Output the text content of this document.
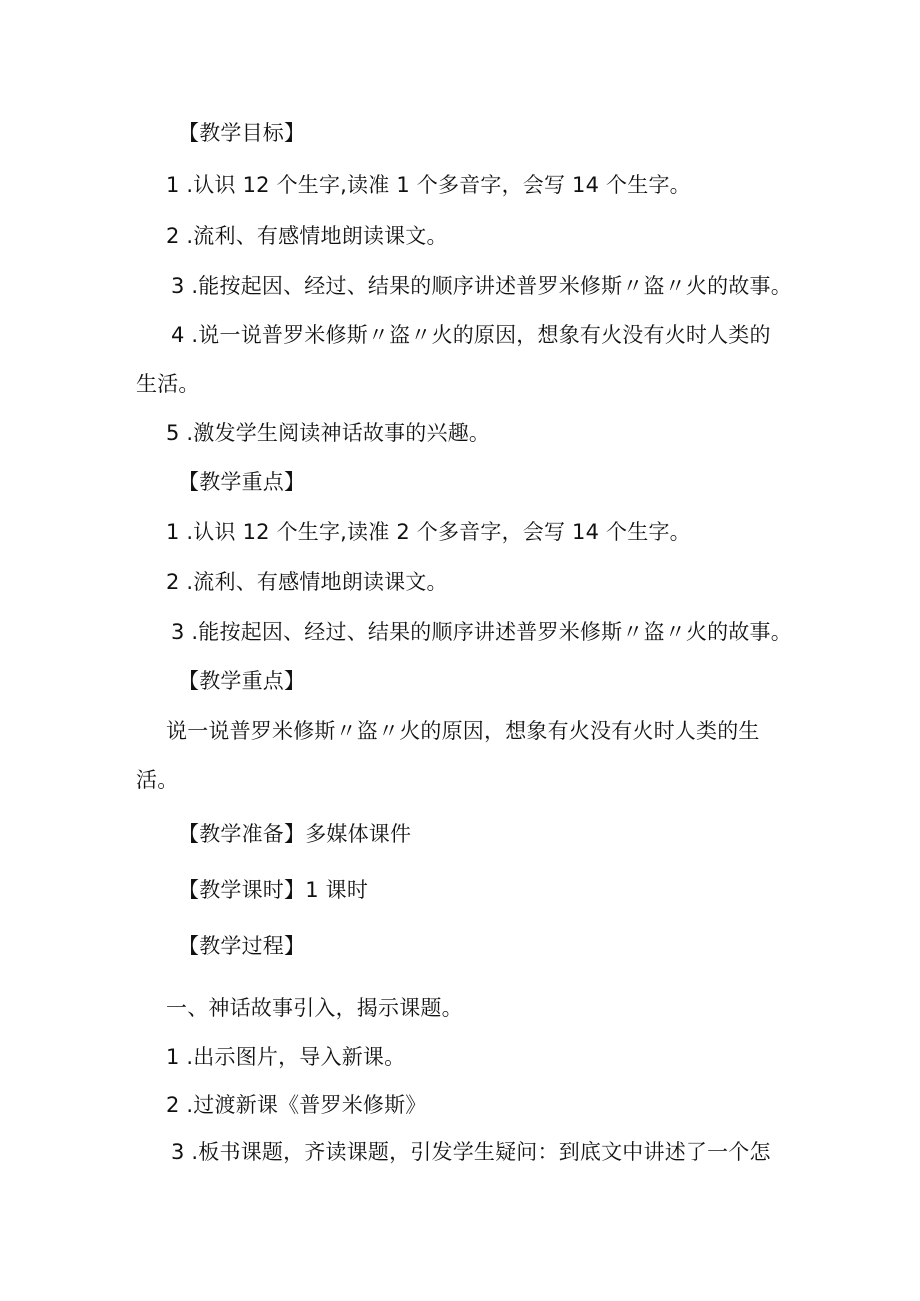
【教学目标】
1 .认识 12 个生字,读准 1 个多音字，会写 14 个生字。
2 .流利、有感情地朗读课文。
3 .能按起因、经过、结果的顺序讲述普罗米修斯〃盗〃火的故事。
4 .说一说普罗米修斯〃盗〃火的原因，想象有火没有火时人类的
生活。
5 .激发学生阅读神话故事的兴趣。
【教学重点】
1 .认识 12 个生字,读准 2 个多音字，会写 14 个生字。
2 .流利、有感情地朗读课文。
3 .能按起因、经过、结果的顺序讲述普罗米修斯〃盗〃火的故事。
【教学重点】
说一说普罗米修斯〃盗〃火的原因，想象有火没有火时人类的生
活。
【教学准备】多媒体课件
【教学课时】1 课时
【教学过程】
一、神话故事引入，揭示课题。
1 .出示图片，导入新课。
2 .过渡新课《普罗米修斯》
3 .板书课题，齐读课题，引发学生疑问：到底文中讲述了一个怎
